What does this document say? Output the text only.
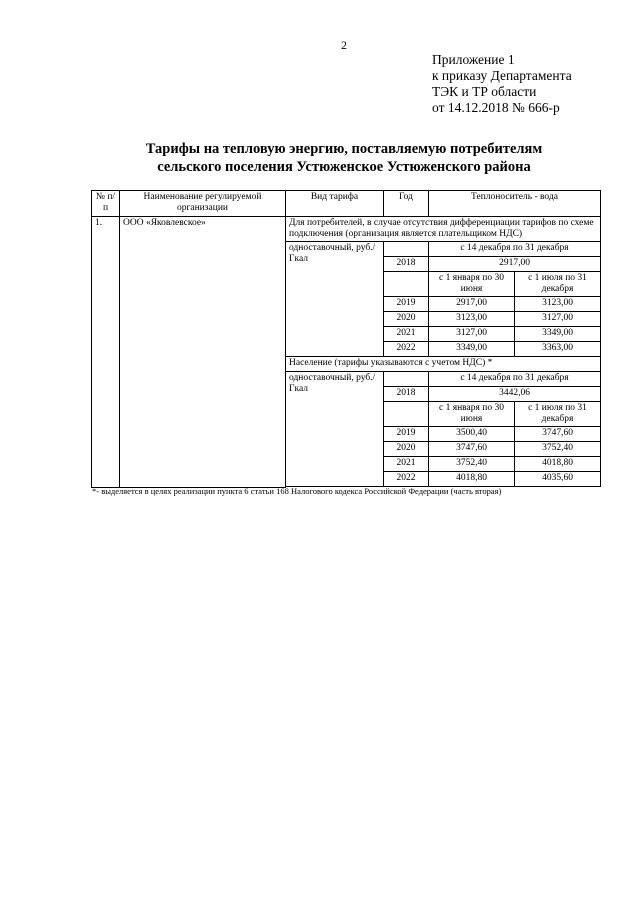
2
Приложение 1
к приказу Департамента
ТЭК и ТР области
от 14.12.2018 № 666-р
Тарифы на тепловую энергию, поставляемую потребителям
сельского поселения Устюженское Устюженского района
№ п/п	Наименование регулируемой организации	Вид тарифа	Год	Теплоноситель - вода	
1.	ООО «Яковлевское»	Для потребителей, в случае отсутствия дифференциации тарифов по схеме подключения (организация является плательщиком НДС)			
		одноставочный, руб./Гкал		с 14 декабря по 31 декабря	
			2018	2917,00	
				с 1 января по 30 июня	с 1 июля по 31 декабря
			2019	2917,00	3123,00
			2020	3123,00	3127,00
			2021	3127,00	3349,00
			2022	3349,00	3363,00
		Население (тарифы указываются с учетом НДС) *			
		одноставочный, руб./Гкал		с 14 декабря по 31 декабря	
			2018	3442,06	
				с 1 января по 30 июня	с 1 июля по 31 декабря
			2019	3500,40	3747,60
			2020	3747,60	3752,40
			2021	3752,40	4018,80
			2022	4018,80	4035,60

*- выделяется в целях реализации пункта 6 статьи 168 Налогового кодекса Российской Федерации (часть вторая)
